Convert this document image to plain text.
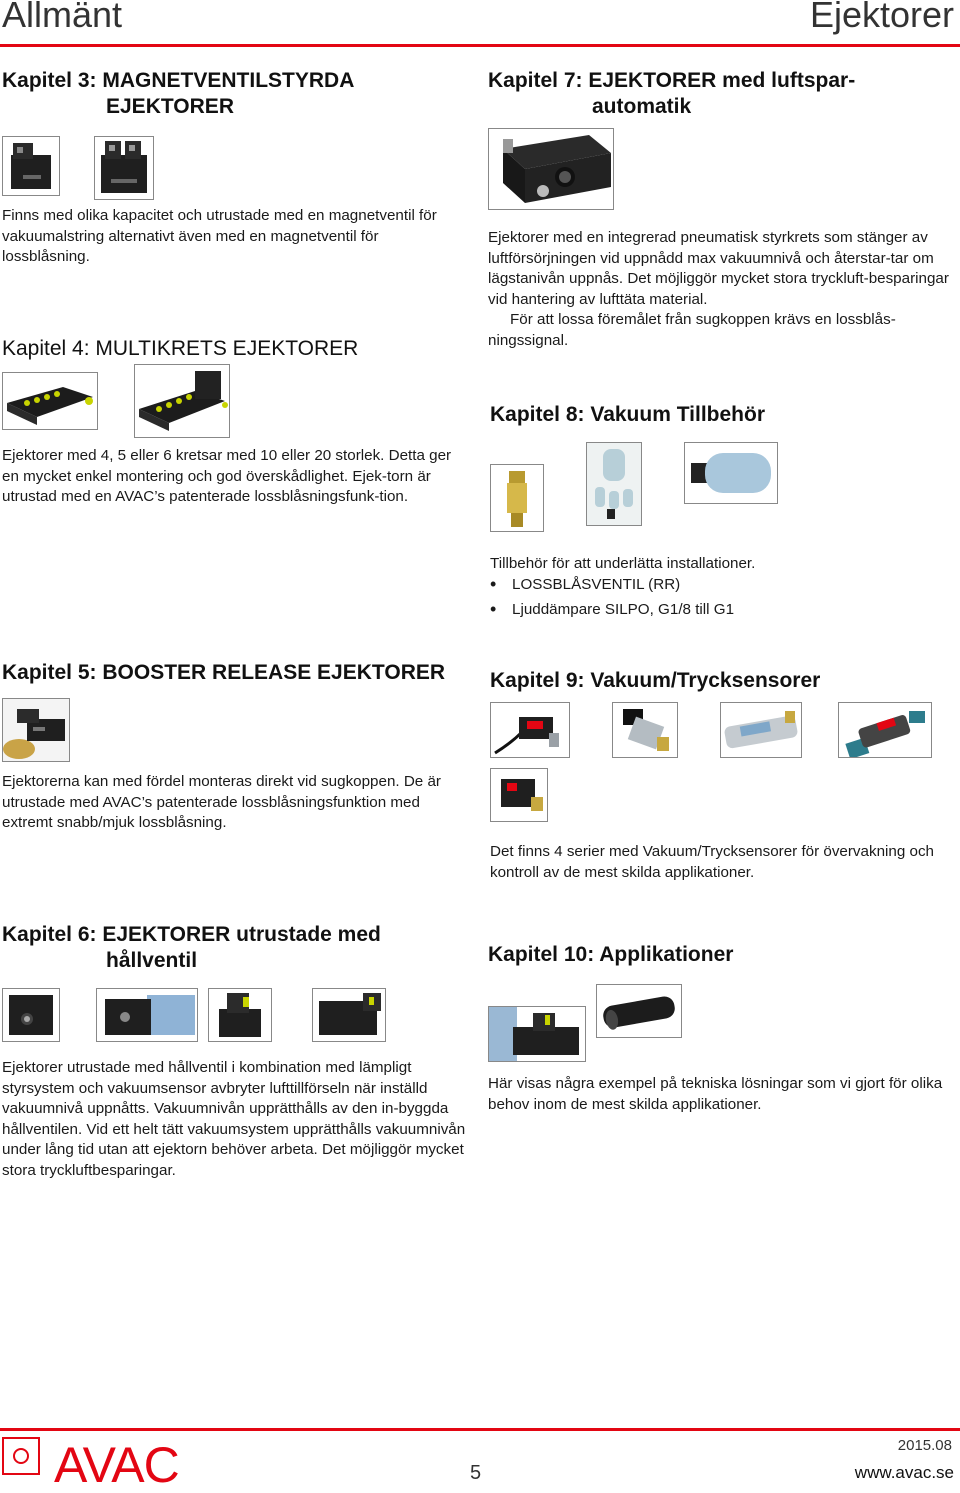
Allmänt	Ejektorer
Kapitel 3: MAGNETVENTILSTYRDA
EJEKTORER
Finns med olika kapacitet och utrustade med en magnetventil för vakuumalstring alternativt även med en magnetventil för lossblåsning.
Kapitel 4: MULTIKRETS EJEKTORER
Ejektorer med 4, 5 eller 6 kretsar med 10 eller 20 storlek. Detta ger en mycket enkel montering och god överskådlighet. Ejek-torn är utrustad med en AVAC’s patenterade lossblåsningsfunk-tion.
Kapitel 5: BOOSTER RELEASE EJEKTORER
Ejektorerna kan med fördel monteras direkt vid sugkoppen. De är utrustade med AVAC’s patenterade lossblåsningsfunktion med extremt snabb/mjuk lossblåsning.
Kapitel 6: EJEKTORER utrustade med
hållventil
Ejektorer utrustade med hållventil i kombination med lämpligt styrsystem och vakuumsensor avbryter lufttillförseln när inställd vakuumnivå uppnåtts. Vakuumnivån upprätthålls av den in-byggda hållventilen. Vid ett helt tätt vakuumsystem upprätthålls vakuumnivån under lång tid utan att ejektorn behöver arbeta. Det möjliggör mycket stora tryckluftbesparingar.
Kapitel 7: EJEKTORER med luftspar-
automatik

Ejektorer med en integrerad pneumatisk styrkrets som stänger av luftförsörjningen vid uppnådd max vakuumnivå och återstar-tar om lägstanivån uppnås. Det möjliggör mycket stora tryckluft-besparingar vid hantering av lufttäta material.

För att lossa föremålet från sugkoppen krävs en lossblås-ningssignal.

Kapitel 8: Vakuum Tillbehör

Tillbehör för att underlätta installationer.

• LOSSBLÅSVENTIL (RR)
• Ljuddämpare SILPO, G1/8 till G1
Kapitel 9: Vakuum/Trycksensorer
Det finns 4 serier med Vakuum/Trycksensorer för övervakning och kontroll av de mest skilda applikationer.
Kapitel 10: Applikationer
Här visas några exempel på tekniska lösningar som vi gjort för olika behov inom de mest skilda applikationer.
AVAC	5
2015.08
www.avac.se
